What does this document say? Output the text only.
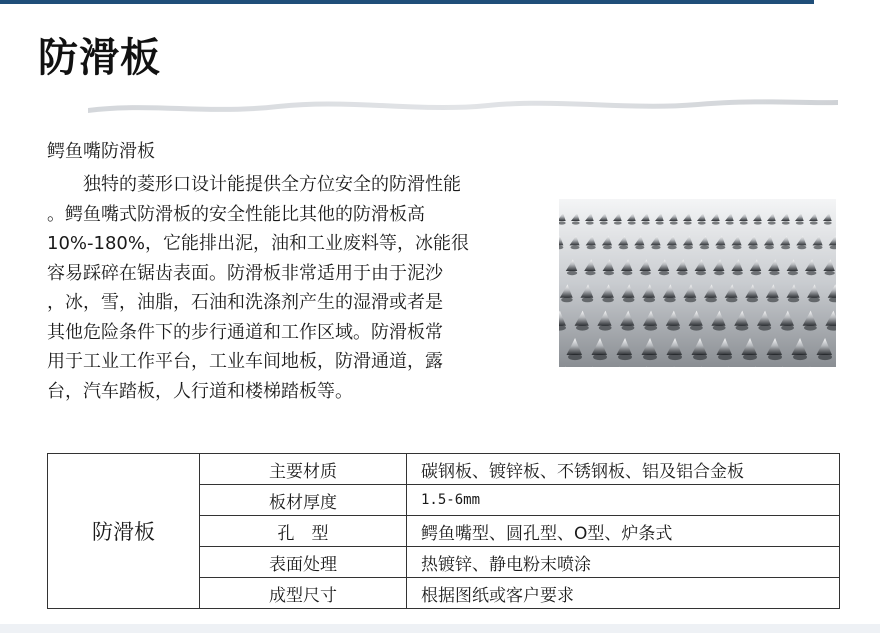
防滑板
鳄鱼嘴防滑板
独特的菱形口设计能提供全方位安全的防滑性能
。鳄鱼嘴式防滑板的安全性能比其他的防滑板高
10%-180%，它能排出泥，油和工业废料等，冰能很
容易踩碎在锯齿表面。防滑板非常适用于由于泥沙
，冰，雪，油脂，石油和洗涤剂产生的湿滑或者是
其他危险条件下的步行通道和工作区域。防滑板常
用于工业工作平台，工业车间地板，防滑通道，露
台，汽车踏板，人行道和楼梯踏板等。
防滑板	主要材质	碳钢板、镀锌板、不锈钢板、铝及铝合金板
	板材厚度	1.5-6mm
	孔　型	鳄鱼嘴型、圆孔型、O型、炉条式
	表面处理	热镀锌、静电粉末喷涂
	成型尺寸	根据图纸或客户要求
